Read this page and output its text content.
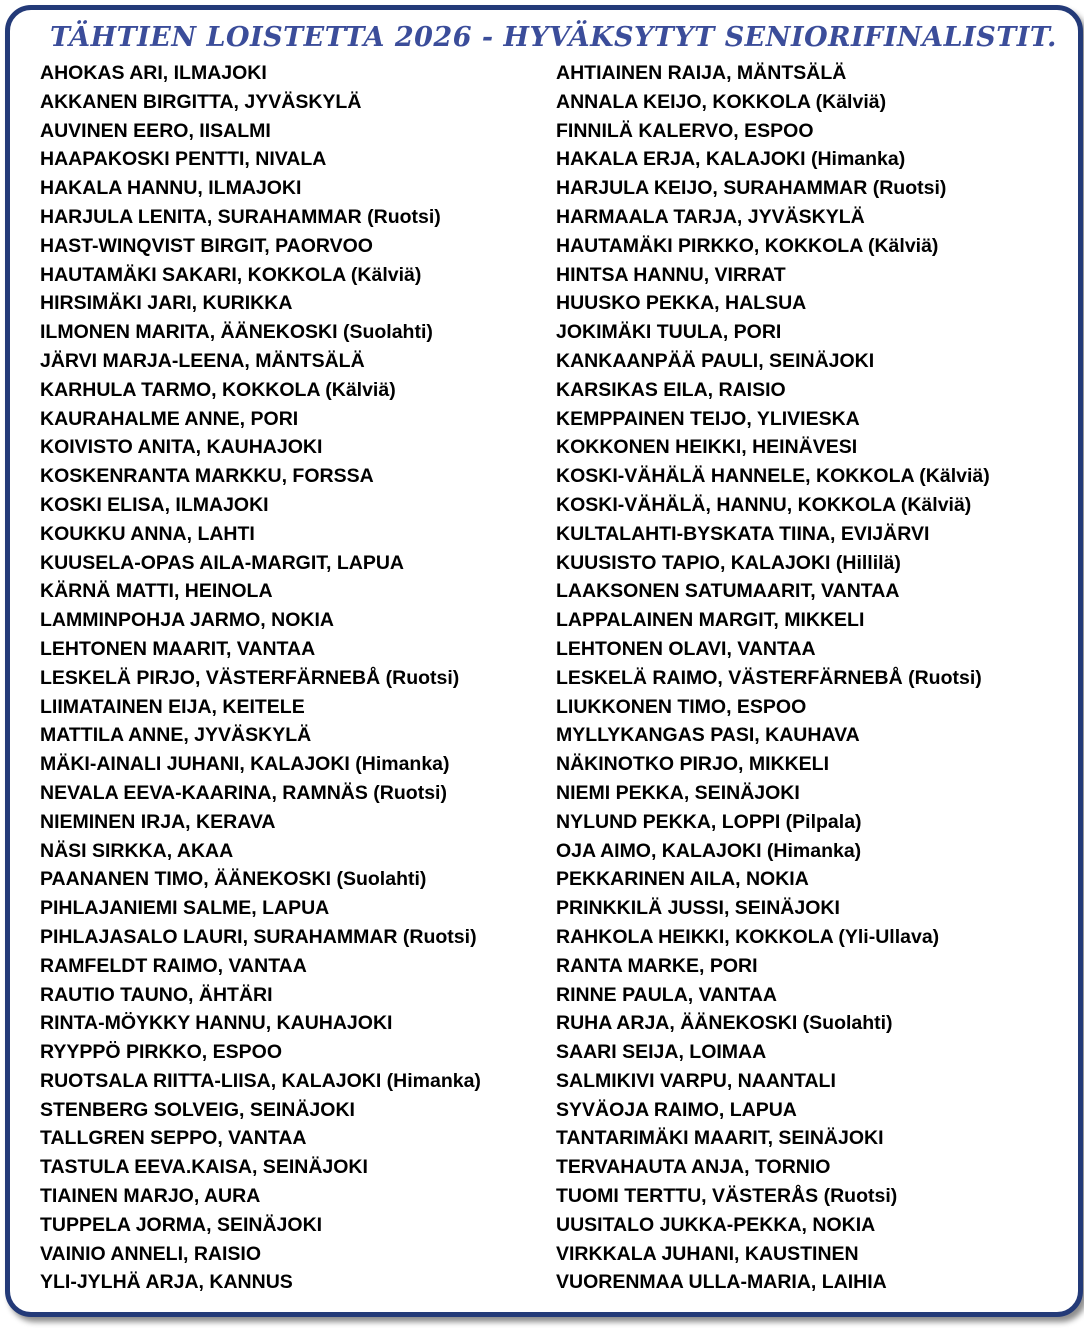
TÄHTIEN LOISTETTA 2026 - HYVÄKSYTYT SENIORIFINALISTIT.
AHOKAS ARI, ILMAJOKI
AKKANEN BIRGITTA, JYVÄSKYLÄ
AUVINEN EERO, IISALMI
HAAPAKOSKI PENTTI, NIVALA
HAKALA HANNU, ILMAJOKI
HARJULA LENITA, SURAHAMMAR (Ruotsi)
HAST-WINQVIST BIRGIT, PAORVOO
HAUTAMÄKI SAKARI, KOKKOLA (Kälviä)
HIRSIMÄKI JARI, KURIKKA
ILMONEN MARITA, ÄÄNEKOSKI (Suolahti)
JÄRVI MARJA-LEENA, MÄNTSÄLÄ
KARHULA TARMO, KOKKOLA (Kälviä)
KAURAHALME ANNE, PORI
KOIVISTO ANITA, KAUHAJOKI
KOSKENRANTA MARKKU, FORSSA
KOSKI ELISA, ILMAJOKI
KOUKKU ANNA, LAHTI
KUUSELA-OPAS AILA-MARGIT, LAPUA
KÄRNÄ MATTI, HEINOLA
LAMMINPOHJA JARMO, NOKIA
LEHTONEN MAARIT, VANTAA
LESKELÄ PIRJO, VÄSTERFÄRNEBÅ (Ruotsi)
LIIMATAINEN EIJA, KEITELE
MATTILA ANNE, JYVÄSKYLÄ
MÄKI-AINALI JUHANI, KALAJOKI (Himanka)
NEVALA EEVA-KAARINA, RAMNÄS (Ruotsi)
NIEMINEN IRJA, KERAVA
NÄSI SIRKKA, AKAA
PAANANEN TIMO, ÄÄNEKOSKI (Suolahti)
PIHLAJANIEMI SALME, LAPUA
PIHLAJASALO LAURI, SURAHAMMAR (Ruotsi)
RAMFELDT RAIMO, VANTAA
RAUTIO TAUNO, ÄHTÄRI
RINTA-MÖYKKY HANNU, KAUHAJOKI
RYYPPÖ PIRKKO, ESPOO
RUOTSALA RIITTA-LIISA, KALAJOKI (Himanka)
STENBERG SOLVEIG, SEINÄJOKI
TALLGREN SEPPO, VANTAA
TASTULA EEVA.KAISA, SEINÄJOKI
TIAINEN MARJO, AURA
TUPPELA JORMA, SEINÄJOKI
VAINIO ANNELI, RAISIO
YLI-JYLHÄ ARJA, KANNUS
AHTIAINEN RAIJA, MÄNTSÄLÄ
ANNALA KEIJO, KOKKOLA (Kälviä)
FINNILÄ KALERVO, ESPOO
HAKALA ERJA, KALAJOKI (Himanka)
HARJULA KEIJO, SURAHAMMAR (Ruotsi)
HARMAALA TARJA, JYVÄSKYLÄ
HAUTAMÄKI PIRKKO, KOKKOLA (Kälviä)
HINTSA HANNU, VIRRAT
HUUSKO PEKKA, HALSUA
JOKIMÄKI TUULA, PORI
KANKAANPÄÄ PAULI, SEINÄJOKI
KARSIKAS EILA, RAISIO
KEMPPAINEN TEIJO, YLIVIESKA
KOKKONEN HEIKKI, HEINÄVESI
KOSKI-VÄHÄLÄ HANNELE, KOKKOLA (Kälviä)
KOSKI-VÄHÄLÄ, HANNU, KOKKOLA (Kälviä)
KULTALAHTI-BYSKATA TIINA, EVIJÄRVI
KUUSISTO TAPIO, KALAJOKI (Hillilä)
LAAKSONEN SATUMAARIT, VANTAA
LAPPALAINEN MARGIT, MIKKELI
LEHTONEN OLAVI, VANTAA
LESKELÄ RAIMO, VÄSTERFÄRNEBÅ (Ruotsi)
LIUKKONEN TIMO, ESPOO
MYLLYKANGAS PASI, KAUHAVA
NÄKINOTKO PIRJO, MIKKELI
NIEMI PEKKA, SEINÄJOKI
NYLUND PEKKA, LOPPI (Pilpala)
OJA AIMO, KALAJOKI (Himanka)
PEKKARINEN AILA, NOKIA
PRINKKILÄ JUSSI, SEINÄJOKI
RAHKOLA HEIKKI, KOKKOLA (Yli-Ullava)
RANTA MARKE, PORI
RINNE PAULA, VANTAA
RUHA ARJA, ÄÄNEKOSKI (Suolahti)
SAARI SEIJA, LOIMAA
SALMIKIVI VARPU, NAANTALI
SYVÄOJA RAIMO, LAPUA
TANTARIMÄKI MAARIT, SEINÄJOKI
TERVAHAUTA ANJA, TORNIO
TUOMI TERTTU, VÄSTERÅS (Ruotsi)
UUSITALO JUKKA-PEKKA, NOKIA
VIRKKALA JUHANI, KAUSTINEN
VUORENMAA ULLA-MARIA, LAIHIA
